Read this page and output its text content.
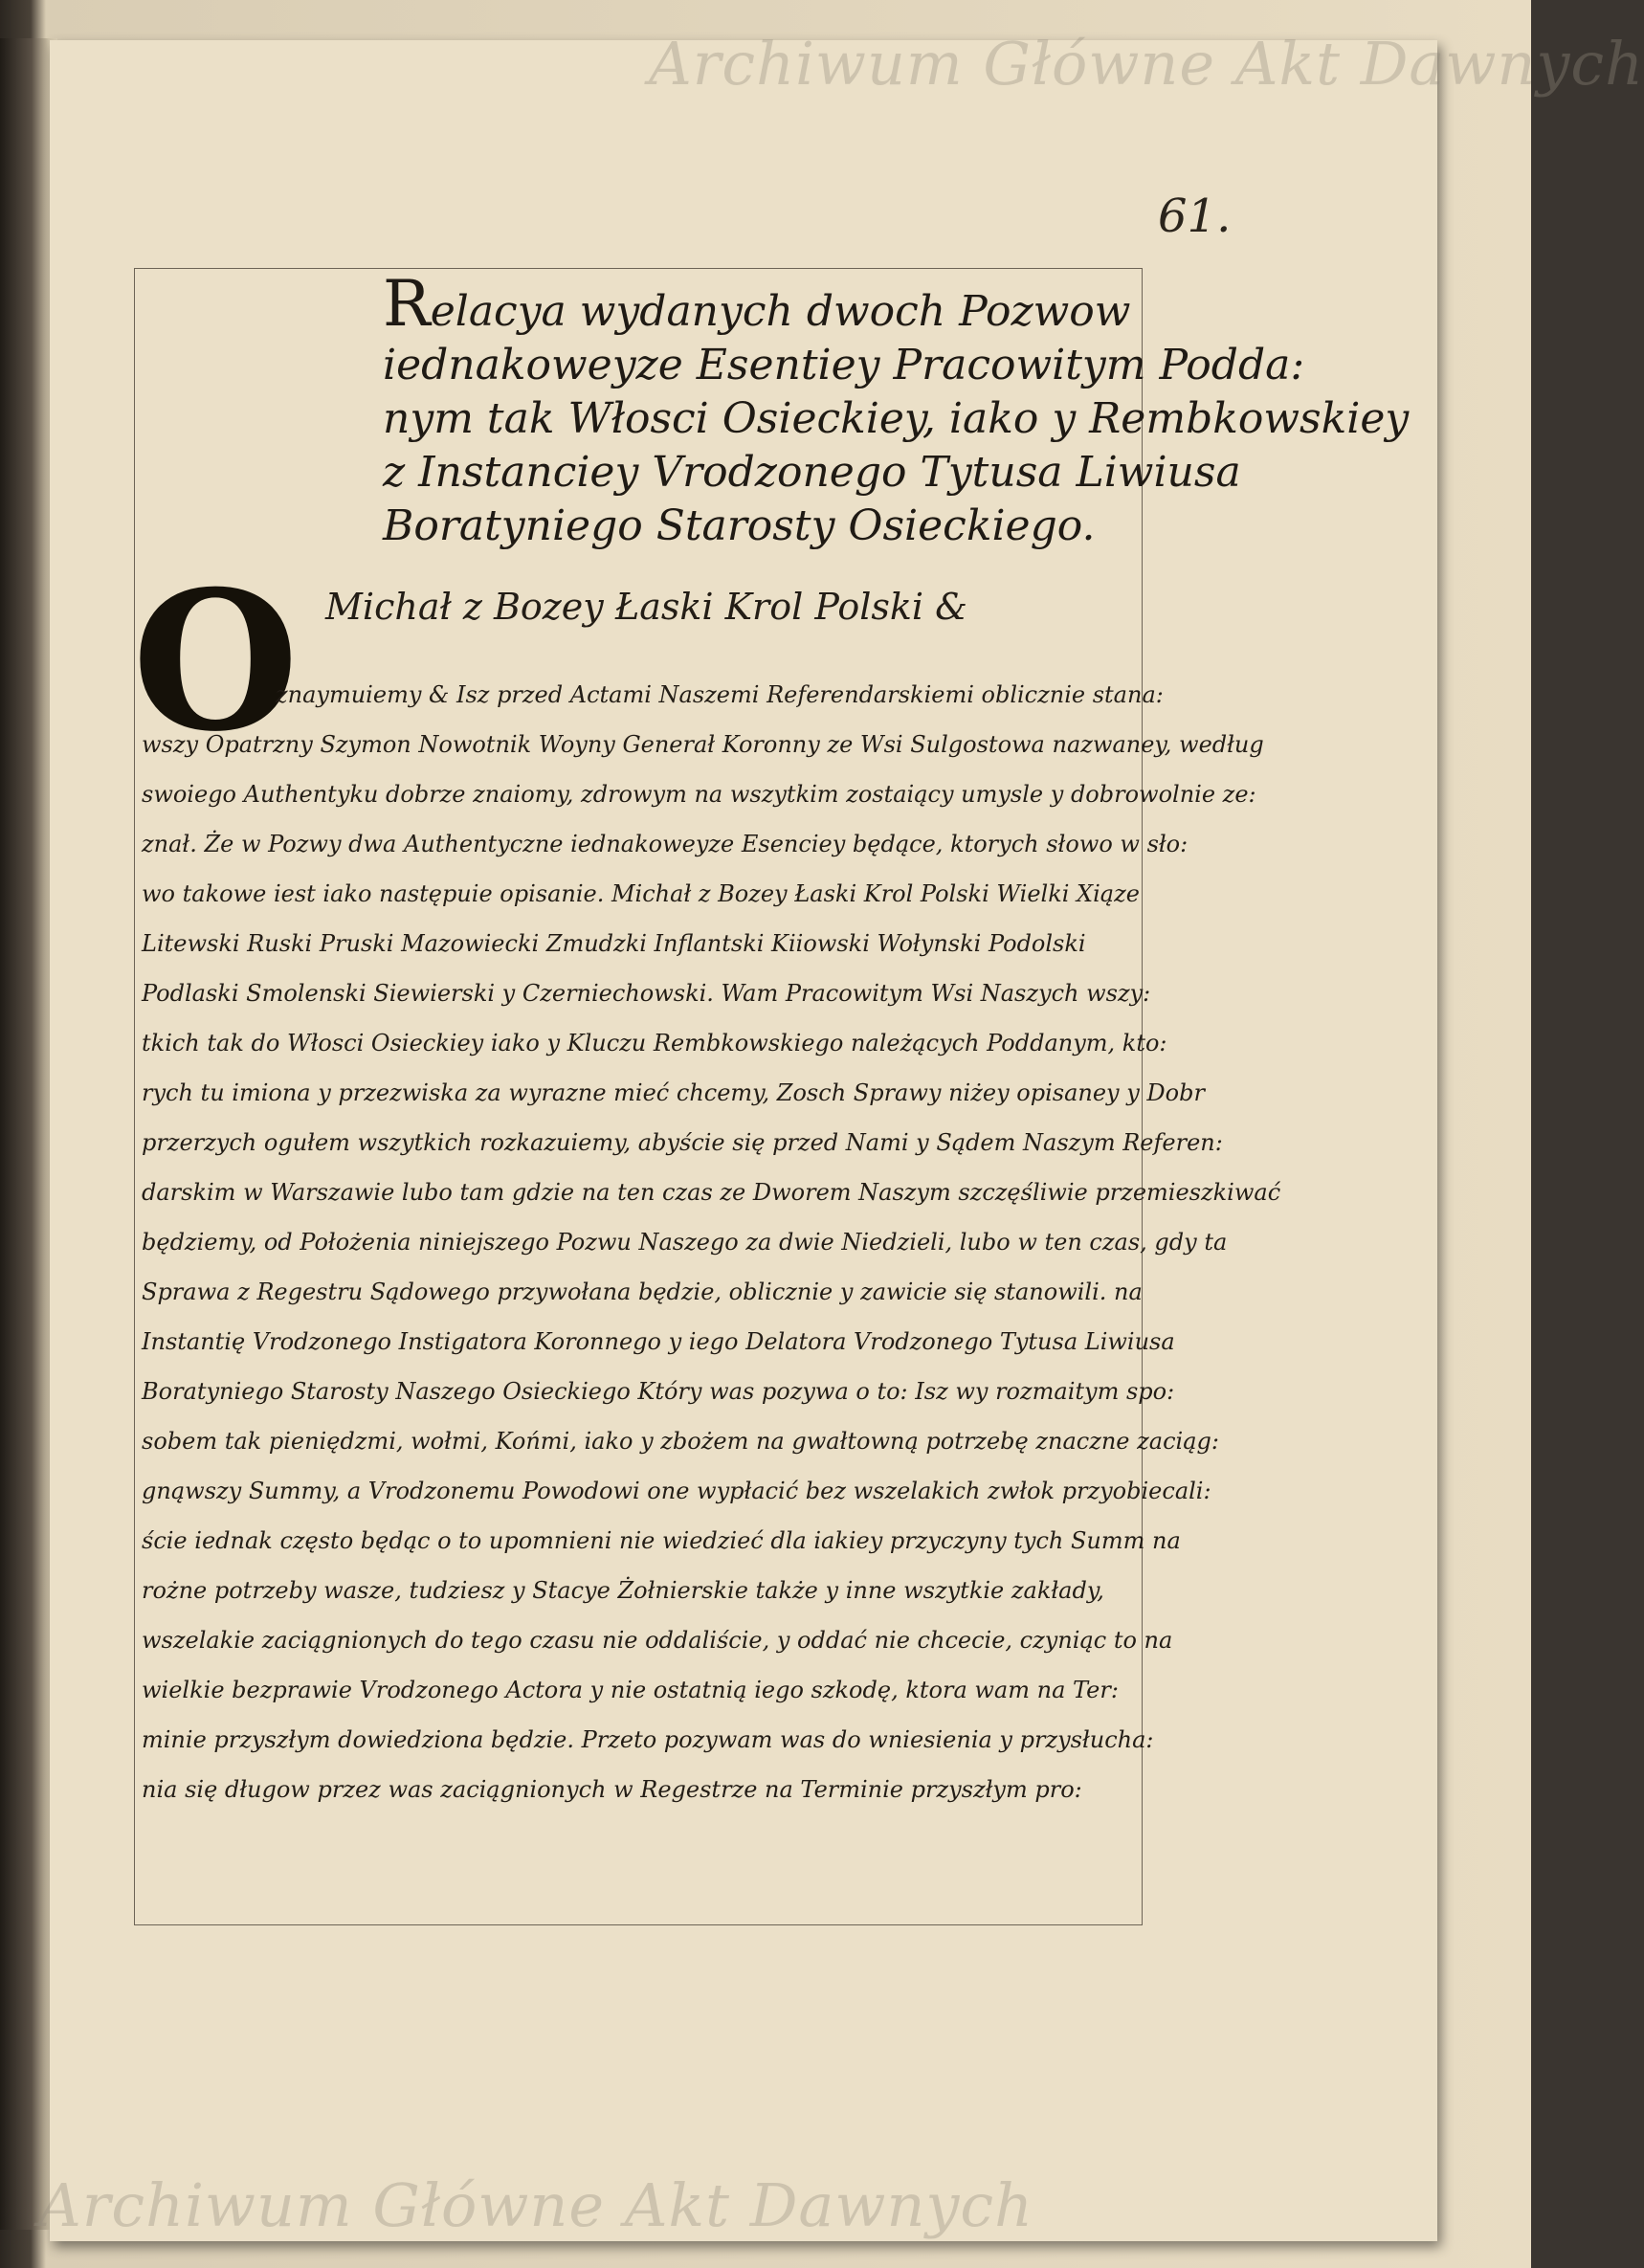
Archiwum Główne Akt Dawnych
Archiwum Główne Akt Dawnych
61.
Relacya wydanych dwoch Pozwow
iednakoweyze Esentiey Pracowitym Podda:
nym tak Włosci Osieckiey, iako y Rembkowskiey
z Instanciey Vrodzonego Tytusa Liwiusa
Boratyniego Starosty Osieckiego.
O Michał z Bozey Łaski Krol Polski &
znaymuiemy & Isz przed Actami Naszemi Referendarskiemi oblicznie stana:
wszy Opatrzny Szymon Nowotnik Woyny Generał Koronny ze Wsi Sulgostowa nazwaney, według
swoiego Authentyku dobrze znaiomy, zdrowym na wszytkim zostaiący umysle y dobrowolnie ze:
znał. Że w Pozwy dwa Authentyczne iednakoweyze Esenciey będące, ktorych słowo w sło:
wo takowe iest iako następuie opisanie. Michał z Bozey Łaski Krol Polski Wielki Xiąze
Litewski Ruski Pruski Mazowiecki Zmudzki Inflantski Kiiowski Wołynski Podolski
Podlaski Smolenski Siewierski y Czerniechowski. Wam Pracowitym Wsi Naszych wszy:
tkich tak do Włosci Osieckiey iako y Kluczu Rembkowskiego należących Poddanym, kto:
rych tu imiona y przezwiska za wyrazne mieć chcemy, Zosch Sprawy niżey opisaney y Dobr
przerzych ogułem wszytkich rozkazuiemy, abyście się przed Nami y Sądem Naszym Referen:
darskim w Warszawie lubo tam gdzie na ten czas ze Dworem Naszym szczęśliwie przemieszkiwać
będziemy, od Położenia niniejszego Pozwu Naszego za dwie Niedzieli, lubo w ten czas, gdy ta
Sprawa z Regestru Sądowego przywołana będzie, oblicznie y zawicie się stanowili. na
Instantię Vrodzonego Instigatora Koronnego y iego Delatora Vrodzonego Tytusa Liwiusa
Boratyniego Starosty Naszego Osieckiego Który was pozywa o to: Isz wy rozmaitym spo:
sobem tak pieniędzmi, wołmi, Końmi, iako y zbożem na gwałtowną potrzebę znaczne zaciąg:
gnąwszy Summy, a Vrodzonemu Powodowi one wypłacić bez wszelakich zwłok przyobiecali:
ście iednak często będąc o to upomnieni nie wiedzieć dla iakiey przyczyny tych Summ na
rożne potrzeby wasze, tudziesz y Stacye Żołnierskie także y inne wszytkie zakłady,
wszelakie zaciągnionych do tego czasu nie oddaliście, y oddać nie chcecie, czyniąc to na
wielkie bezprawie Vrodzonego Actora y nie ostatnią iego szkodę, ktora wam na Ter:
minie przyszłym dowiedziona będzie. Przeto pozywam was do wniesienia y przysłucha:
nia się długow przez was zaciągnionych w Regestrze na Terminie przyszłym pro:
